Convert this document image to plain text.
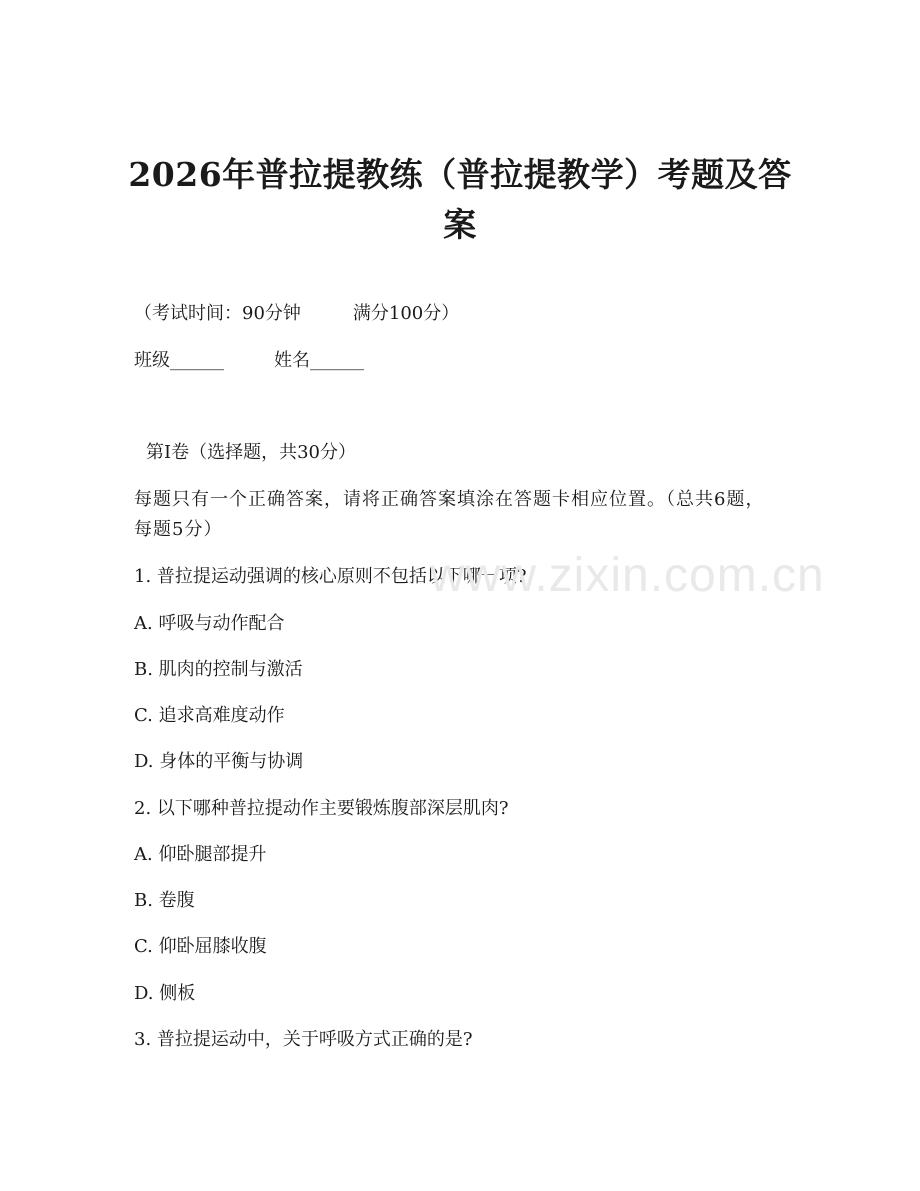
2026年普拉提教练（普拉提教学）考题及答案
（考试时间：90分钟	满分100分）
班级______	姓名______
第I卷（选择题，共30分）
每题只有一个正确答案，请将正确答案填涂在答题卡相应位置。（总共6题，每题5分）
1. 普拉提运动强调的核心原则不包括以下哪一项?
A. 呼吸与动作配合
B. 肌肉的控制与激活
C. 追求高难度动作
D. 身体的平衡与协调
2. 以下哪种普拉提动作主要锻炼腹部深层肌肉?
A. 仰卧腿部提升
B. 卷腹
C. 仰卧屈膝收腹
D. 侧板
3. 普拉提运动中，关于呼吸方式正确的是?
www.zixin.com.cn
